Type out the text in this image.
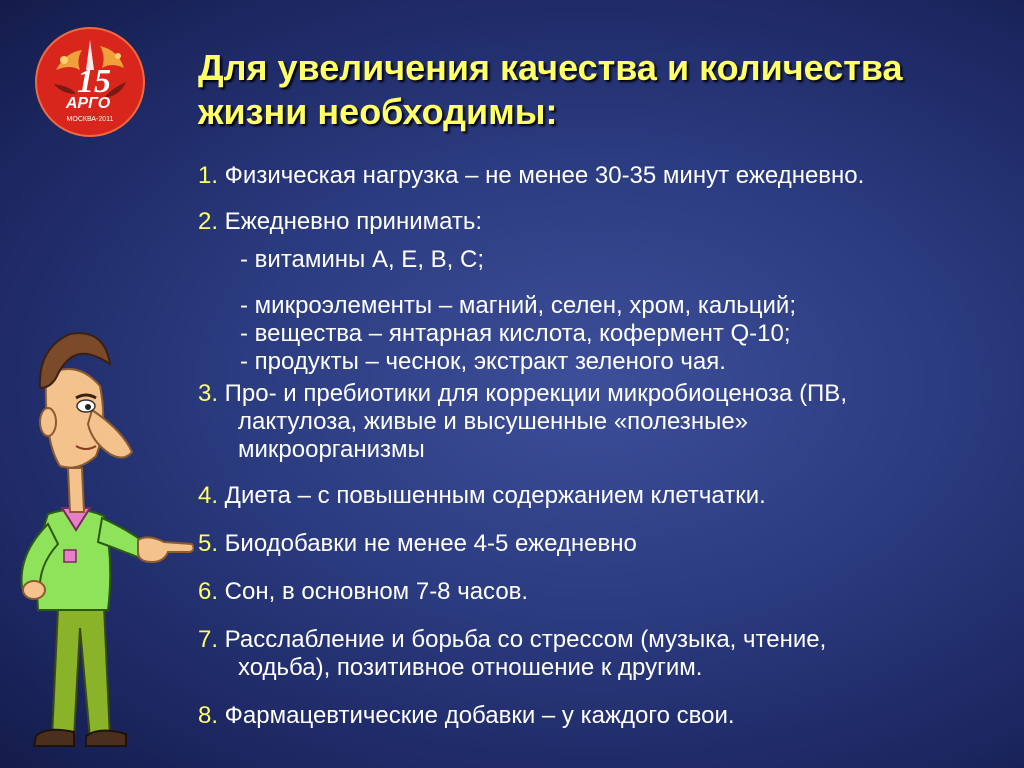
15
АРГО
МОСКВА-2011
Для увеличения качества и количества
жизни необходимы:
1. Физическая нагрузка – не менее 30-35 минут ежедневно.
2. Ежедневно принимать:
- витамины А, Е, В, С;
- микроэлементы – магний, селен, хром, кальций;
- вещества – янтарная кислота, кофермент Q-10;
- продукты – чеснок, экстракт зеленого чая.
3. Про- и пребиотики для коррекции микробиоценоза (ПВ,
лактулоза, живые и высушенные «полезные»
микроорганизмы
4. Диета – с повышенным содержанием клетчатки.
5. Биодобавки не менее 4-5 ежедневно
6. Сон, в основном 7-8 часов.
7. Расслабление и борьба со стрессом (музыка, чтение,
ходьба), позитивное отношение к другим.
8. Фармацевтические добавки – у каждого свои.
